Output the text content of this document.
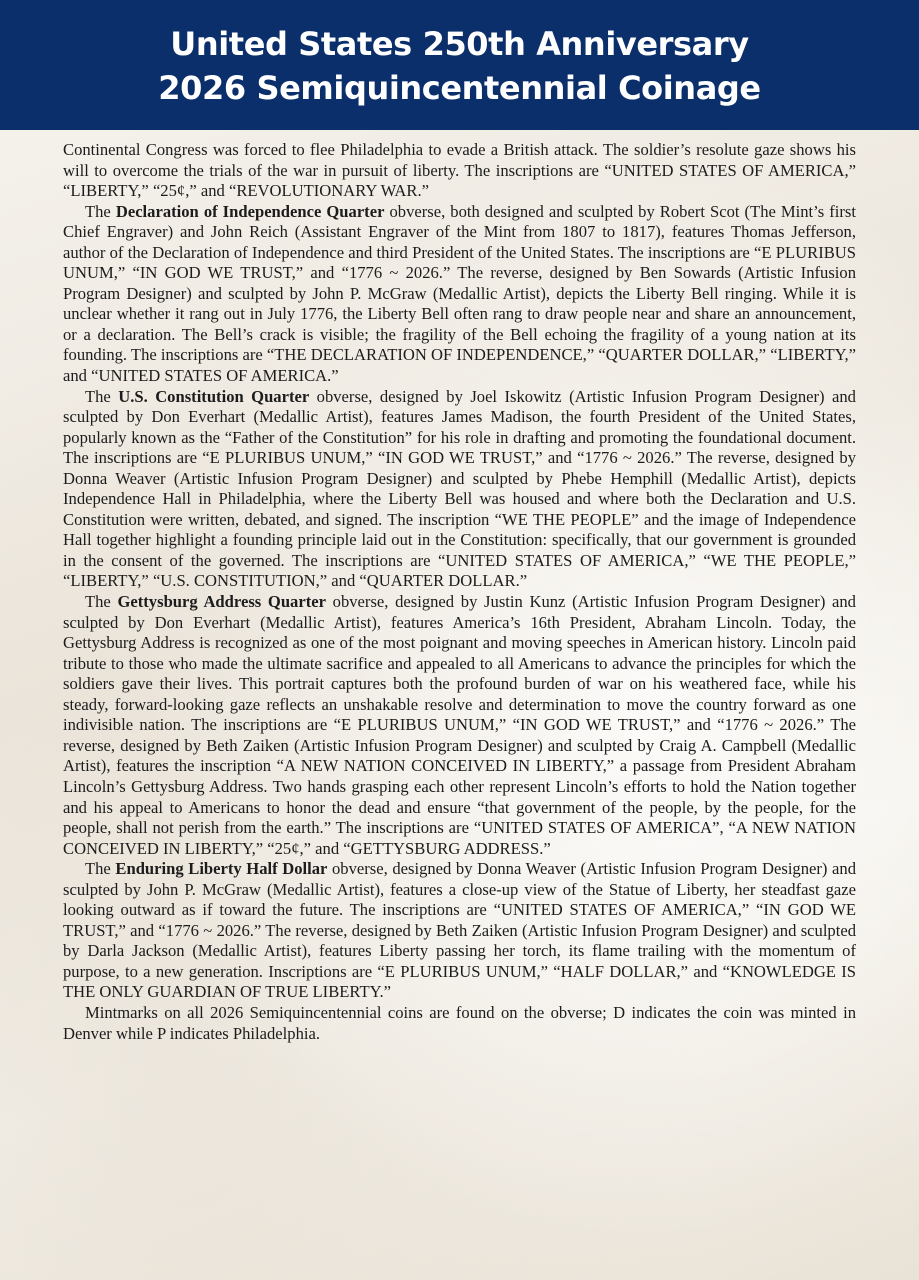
United States 250th Anniversary
2026 Semiquincentennial Coinage

Continental Congress was forced to flee Philadelphia to evade a British attack. The soldier’s resolute gaze shows his will to overcome the trials of the war in pursuit of liberty. The inscriptions are “UNITED STATES OF AMERICA,” “LIBERTY,” “25¢,” and “REVOLUTIONARY WAR.”

The Declaration of Independence Quarter obverse, both designed and sculpted by Robert Scot (The Mint’s first Chief Engraver) and John Reich (Assistant Engraver of the Mint from 1807 to 1817), features Thomas Jefferson, author of the Declaration of Independence and third President of the United States. The inscriptions are “E PLURIBUS UNUM,” “IN GOD WE TRUST,” and “1776 ~ 2026.” The reverse, designed by Ben Sowards (Artistic Infusion Program Designer) and sculpted by John P. McGraw (Medallic Artist), depicts the Liberty Bell ringing. While it is unclear whether it rang out in July 1776, the Liberty Bell often rang to draw people near and share an announcement, or a declaration. The Bell’s crack is visible; the fragility of the Bell echoing the fragility of a young nation at its founding. The inscriptions are “THE DECLARATION OF INDEPENDENCE,” “QUARTER DOLLAR,” “LIBERTY,” and “UNITED STATES OF AMERICA.”

The U.S. Constitution Quarter obverse, designed by Joel Iskowitz (Artistic Infusion Program Designer) and sculpted by Don Everhart (Medallic Artist), features James Madison, the fourth President of the United States, popularly known as the “Father of the Constitution” for his role in drafting and promoting the foundational document. The inscriptions are “E PLURIBUS UNUM,” “IN GOD WE TRUST,” and “1776 ~ 2026.” The reverse, designed by Donna Weaver (Artistic Infusion Program Designer) and sculpted by Phebe Hemphill (Medallic Artist), depicts Independence Hall in Philadelphia, where the Liberty Bell was housed and where both the Declaration and U.S. Constitution were written, debated, and signed. The inscription “WE THE PEOPLE” and the image of Independence Hall together highlight a founding principle laid out in the Constitution: specifically, that our government is grounded in the consent of the governed. The inscriptions are “UNITED STATES OF AMERICA,” “WE THE PEOPLE,” “LIBERTY,” “U.S. CONSTITUTION,” and “QUARTER DOLLAR.”

The Gettysburg Address Quarter obverse, designed by Justin Kunz (Artistic Infusion Program Designer) and sculpted by Don Everhart (Medallic Artist), features America’s 16th President, Abraham Lincoln. Today, the Gettysburg Address is recognized as one of the most poignant and moving speeches in American history. Lincoln paid tribute to those who made the ultimate sacrifice and appealed to all Americans to advance the principles for which the soldiers gave their lives. This portrait captures both the profound burden of war on his weathered face, while his steady, forward-looking gaze reflects an unshakable resolve and determination to move the country forward as one indivisible nation. The inscriptions are “E PLURIBUS UNUM,” “IN GOD WE TRUST,” and “1776 ~ 2026.” The reverse, designed by Beth Zaiken (Artistic Infusion Program Designer) and sculpted by Craig A. Campbell (Medallic Artist), features the inscription “A NEW NATION CONCEIVED IN LIBERTY,” a passage from President Abraham Lincoln’s Gettysburg Address. Two hands grasping each other represent Lincoln’s efforts to hold the Nation together and his appeal to Americans to honor the dead and ensure “that government of the people, by the people, for the people, shall not perish from the earth.” The inscriptions are “UNITED STATES OF AMERICA”, “A NEW NATION CONCEIVED IN LIBERTY,” “25¢,” and “GETTYSBURG ADDRESS.”

The Enduring Liberty Half Dollar obverse, designed by Donna Weaver (Artistic Infusion Program Designer) and sculpted by John P. McGraw (Medallic Artist), features a close-up view of the Statue of Liberty, her steadfast gaze looking outward as if toward the future. The inscriptions are “UNITED STATES OF AMERICA,” “IN GOD WE TRUST,” and “1776 ~ 2026.” The reverse, designed by Beth Zaiken (Artistic Infusion Program Designer) and sculpted by Darla Jackson (Medallic Artist), features Liberty passing her torch, its flame trailing with the momentum of purpose, to a new generation. Inscriptions are “E PLURIBUS UNUM,” “HALF DOLLAR,” and “KNOWLEDGE IS THE ONLY GUARDIAN OF TRUE LIBERTY.”

Mintmarks on all 2026 Semiquincentennial coins are found on the obverse; D indicates the coin was minted in Denver while P indicates Philadelphia.
